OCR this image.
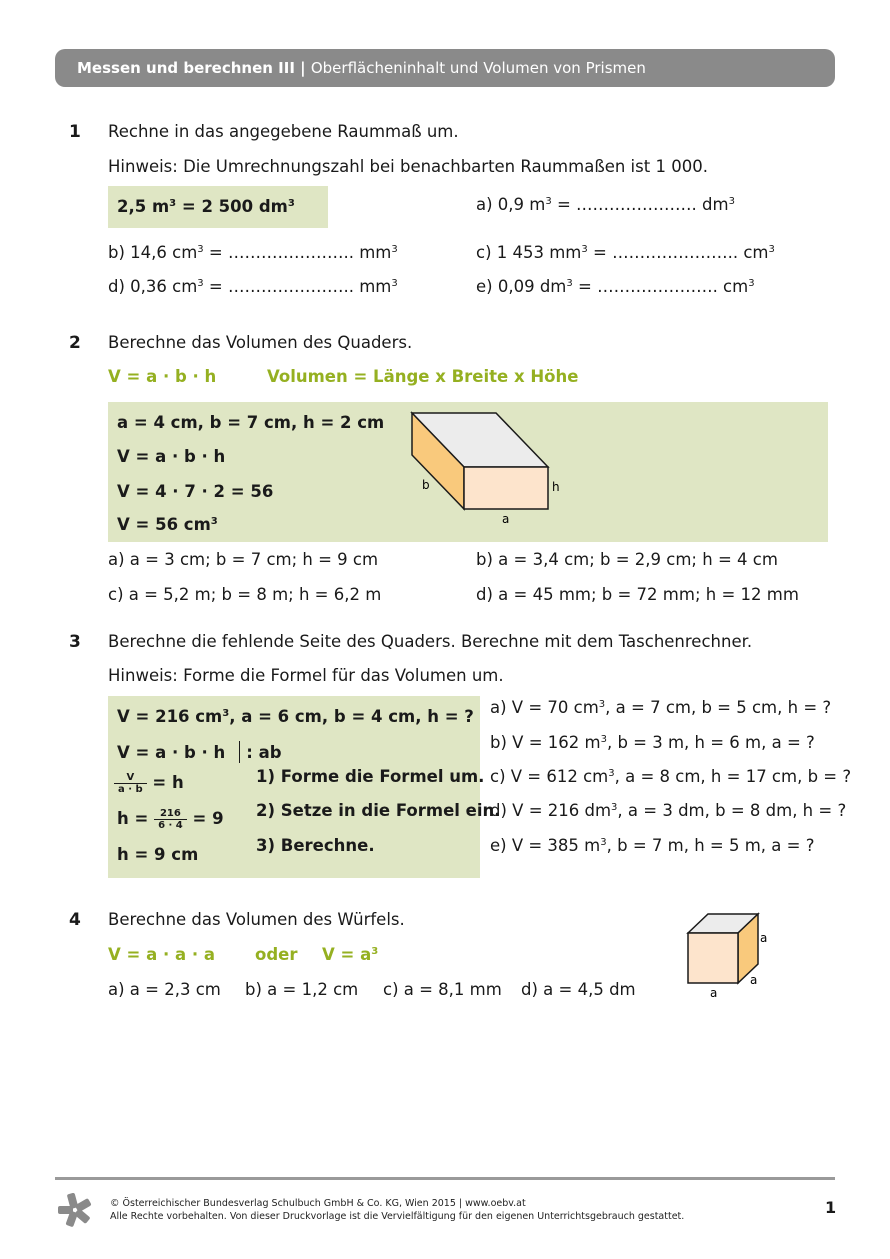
Messen und berechnen III | Oberflächeninhalt und Volumen von Prismen
1 Rechne in das angegebene Raummaß um.
Hinweis: Die Umrechnungszahl bei benachbarten Raummaßen ist 1 000.
2,5 $m^3 = 2$ 500 $dm^3$	a) 0,9 $m^3$ = …………………. $dm^3$
b) 14,6 $cm^3$ = ………………….. $mm^3$	c) 1 453 $mm^3$ = ………………….. $cm^3$
d) 0,36 $cm^3$ = ………………….. $mm^3$	e) 0,09 $dm^3$ = …………………. $cm^3$
2 Berechne das Volumen des Quaders.
V = a · b · h	Volumen = Länge x Breite x Höhe
a = 4 cm, b = 7 cm, h = 2 cm
V = a · b · h
V = 4 · 7 · 2 = 56
V = 56 $cm^3$
b	h
a
a) a = 3 cm; b = 7 cm; h = 9 cm	b) a = 3,4 cm; b = 2,9 cm; h = 4 cm
c) a = 5,2 m; b = 8 m; h = 6,2 m	d) a = 45 mm; b = 72 mm; h = 12 mm
3 Berechne die fehlende Seite des Quaders. Berechne mit dem Taschenrechner.
Hinweis: Forme die Formel für das Volumen um.
V = 216 $cm^3$, a = 6 cm, b = 4 cm, h = ?
V = a · b · h : ab
$\frac{V}{a \cdot b} = h$
$h = \frac{216}{6 \cdot 4} = 9$
h = 9 cm
1) Forme die Formel um.
2) Setze in die Formel ein.
3) Berechne.
a) V = 70 $cm^3$, a = 7 cm, b = 5 cm, h = ?
b) V = 162 $m^3$, b = 3 m, h = 6 m, a = ?
c) V = 612 $cm^3$, a = 8 cm, h = 17 cm, b = ?
d) V = 216 $dm^3$, a = 3 dm, b = 8 dm, h = ?
e) V = 385 $m^3$, b = 7 m, h = 5 m, a = ?
4 Berechne das Volumen des Würfels.
V = a · a · a oder $V = a^3$
a) a = 2,3 cm b) a = 1,2 cm c) a = 8,1 mm d) a = 4,5 dm
a
a
a
© Österreichischer Bundesverlag Schulbuch GmbH & Co. KG, Wien 2015 | www.oebv.at
Alle Rechte vorbehalten. Von dieser Druckvorlage ist die Vervielfältigung für den eigenen Unterrichtsgebrauch gestattet.	1
